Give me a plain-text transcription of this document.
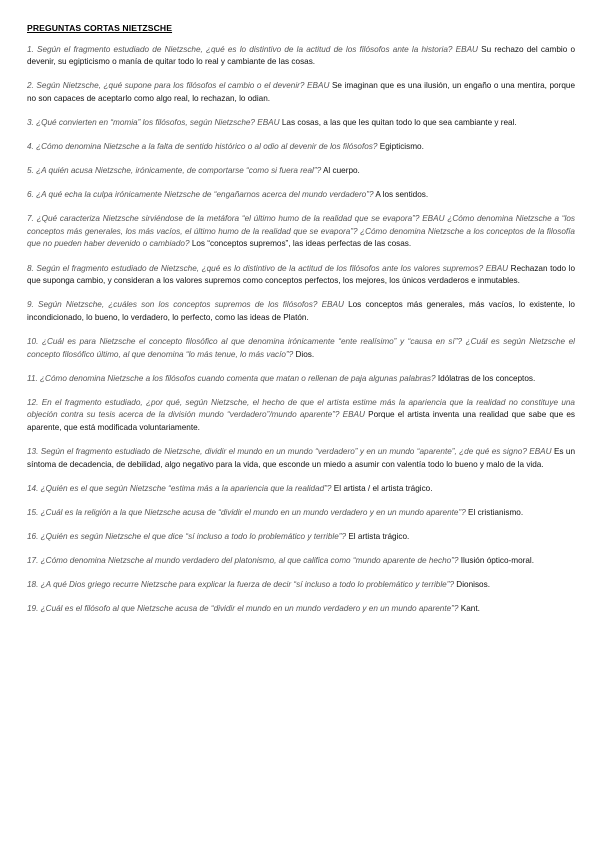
PREGUNTAS CORTAS NIETZSCHE

1. Según el fragmento estudiado de Nietzsche, ¿qué es lo distintivo de la actitud de los filósofos ante la historia? EBAU Su rechazo del cambio o devenir, su egipticismo o manía de quitar todo lo real y cambiante de las cosas.

2. Según Nietzsche, ¿qué supone para los filósofos el cambio o el devenir? EBAU Se imaginan que es una ilusión, un engaño o una mentira, porque no son capaces de aceptarlo como algo real, lo rechazan, lo odian.

3. ¿Qué convierten en “momia” los filósofos, según Nietzsche? EBAU Las cosas, a las que les quitan todo lo que sea cambiante y real.

4. ¿Cómo denomina Nietzsche a la falta de sentido histórico o al odio al devenir de los filósofos? Egipticismo.

5. ¿A quién acusa Nietzsche, irónicamente, de comportarse “como si fuera real”? Al cuerpo.

6. ¿A qué echa la culpa irónicamente Nietzsche de “engañarnos acerca del mundo verdadero”? A los sentidos.

7. ¿Qué caracteriza Nietzsche sirviéndose de la metáfora “el último humo de la realidad que se evapora”? EBAU ¿Cómo denomina Nietzsche a “los conceptos más generales, los más vacíos, el último humo de la realidad que se evapora”? ¿Cómo denomina Nietzsche a los conceptos de la filosofía que no pueden haber devenido o cambiado? Los “conceptos supremos”, las ideas perfectas de las cosas.

8. Según el fragmento estudiado de Nietzsche, ¿qué es lo distintivo de la actitud de los filósofos ante los valores supremos? EBAU Rechazan todo lo que suponga cambio, y consideran a los valores supremos como conceptos perfectos, los mejores, los únicos verdaderos e inmutables.

9. Según Nietzsche, ¿cuáles son los conceptos supremos de los filósofos? EBAU Los conceptos más generales, más vacíos, lo existente, lo incondicionado, lo bueno, lo verdadero, lo perfecto, como las ideas de Platón.

10. ¿Cuál es para Nietzsche el concepto filosófico al que denomina irónicamente “ente realísimo” y “causa en sí”? ¿Cuál es según Nietzsche el concepto filosófico último, al que denomina “lo más tenue, lo más vacío”? Dios.

11. ¿Cómo denomina Nietzsche a los filósofos cuando comenta que matan o rellenan de paja algunas palabras? Idólatras de los conceptos.

12. En el fragmento estudiado, ¿por qué, según Nietzsche, el hecho de que el artista estime más la apariencia que la realidad no constituye una objeción contra su tesis acerca de la división mundo “verdadero”/mundo aparente”? EBAU Porque el artista inventa una realidad que sabe que es aparente, que está modificada voluntariamente.

13. Según el fragmento estudiado de Nietzsche, dividir el mundo en un mundo “verdadero” y en un mundo “aparente”, ¿de qué es signo? EBAU Es un síntoma de decadencia, de debilidad, algo negativo para la vida, que esconde un miedo a asumir con valentía todo lo bueno y malo de la vida.

14. ¿Quién es el que según Nietzsche “estima más a la apariencia que la realidad”? El artista / el artista trágico.

15. ¿Cuál es la religión a la que Nietzsche acusa de “dividir el mundo en un mundo verdadero y en un mundo aparente”? El cristianismo.

16. ¿Quién es según Nietzsche el que dice “sí incluso a todo lo problemático y terrible”? El artista trágico.

17. ¿Cómo denomina Nietzsche al mundo verdadero del platonismo, al que califica como “mundo aparente de hecho”? Ilusión óptico-moral.

18. ¿A qué Dios griego recurre Nietzsche para explicar la fuerza de decir “sí incluso a todo lo problemático y terrible”? Dionisos.

19. ¿Cuál es el filósofo al que Nietzsche acusa de “dividir el mundo en un mundo verdadero y en un mundo aparente”? Kant.
